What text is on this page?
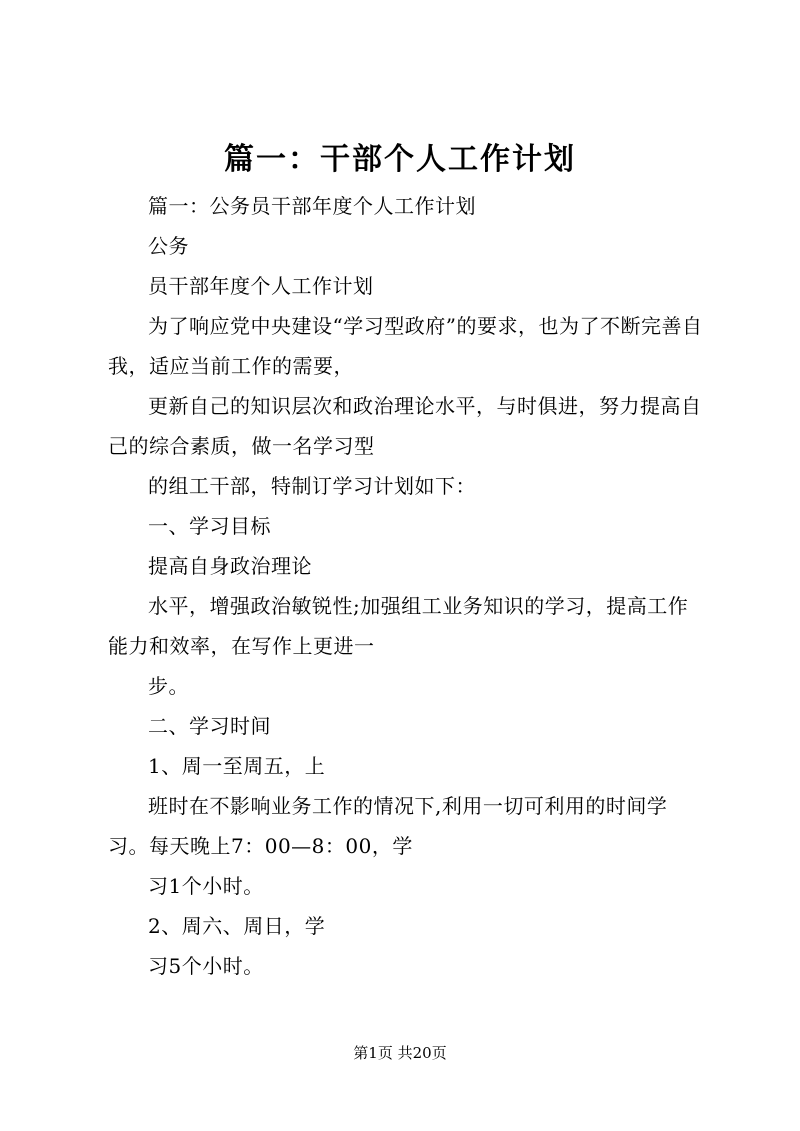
篇一：干部个人工作计划

篇一：公务员干部年度个人工作计划

公务

员干部年度个人工作计划

为了响应党中央建设“学习型政府”的要求，也为了不断完善自我，适应当前工作的需要，

更新自己的知识层次和政治理论水平，与时俱进，努力提高自己的综合素质，做一名学习型

的组工干部，特制订学习计划如下：

一、学习目标

提高自身政治理论

水平，增强政治敏锐性;加强组工业务知识的学习，提高工作能力和效率，在写作上更进一

步。

二、学习时间

1、周一至周五，上

班时在不影响业务工作的情况下,利用一切可利用的时间学习。每天晚上7：00—8：00，学

习1个小时。

2、周六、周日，学

习5个小时。

第1页 共20页
